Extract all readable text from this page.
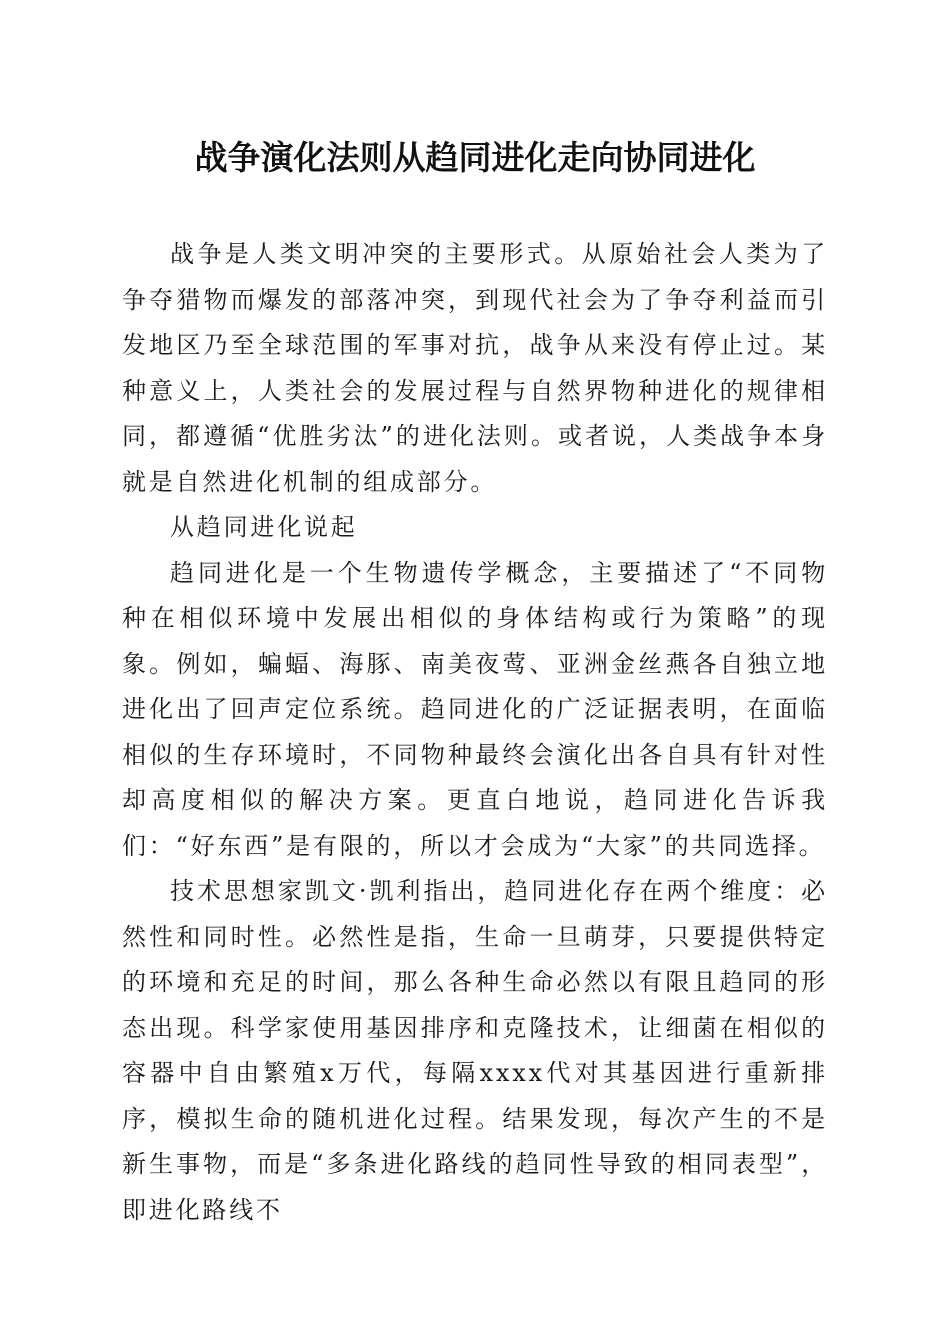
战争演化法则从趋同进化走向协同进化

战争是人类文明冲突的主要形式。从原始社会人类为了争夺猎物而爆发的部落冲突，到现代社会为了争夺利益而引发地区乃至全球范围的军事对抗，战争从来没有停止过。某种意义上，人类社会的发展过程与自然界物种进化的规律相同，都遵循“优胜劣汰”的进化法则。或者说，人类战争本身就是自然进化机制的组成部分。

从趋同进化说起

趋同进化是一个生物遗传学概念，主要描述了“不同物种在相似环境中发展出相似的身体结构或行为策略”的现象。例如，蝙蝠、海豚、南美夜莺、亚洲金丝燕各自独立地进化出了回声定位系统。趋同进化的广泛证据表明，在面临相似的生存环境时，不同物种最终会演化出各自具有针对性却高度相似的解决方案。更直白地说，趋同进化告诉我们：“好东西”是有限的，所以才会成为“大家”的共同选择。

技术思想家凯文·凯利指出，趋同进化存在两个维度：必然性和同时性。必然性是指，生命一旦萌芽，只要提供特定的环境和充足的时间，那么各种生命必然以有限且趋同的形态出现。科学家使用基因排序和克隆技术，让细菌在相似的容器中自由繁殖x万代，每隔xxxx代对其基因进行重新排序，模拟生命的随机进化过程。结果发现，每次产生的不是新生事物，而是“多条进化路线的趋同性导致的相同表型”，即进化路线不
